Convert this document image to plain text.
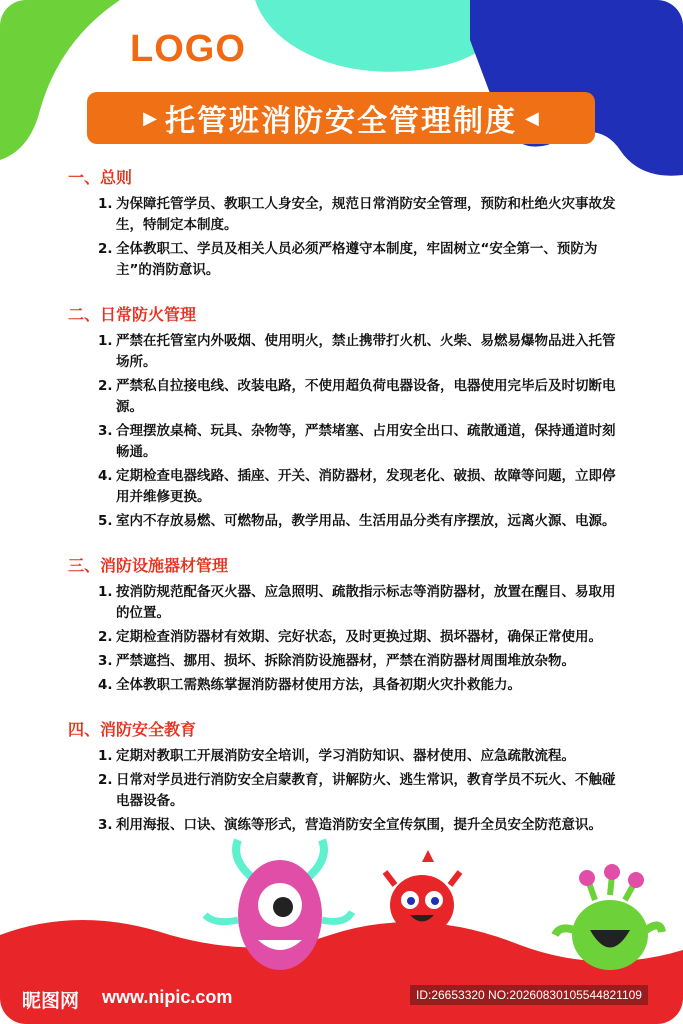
LOGO
▶ 托管班消防安全管理制度 ◀
一、总则
1. 为保障托管学员、教职工人身安全，规范日常消防安全管理，预防和杜绝火灾事故发生，特制定本制度。
2. 全体教职工、学员及相关人员必须严格遵守本制度，牢固树立“安全第一、预防为主”的消防意识。
二、日常防火管理
1. 严禁在托管室内外吸烟、使用明火，禁止携带打火机、火柴、易燃易爆物品进入托管场所。
2. 严禁私自拉接电线、改装电路，不使用超负荷电器设备，电器使用完毕后及时切断电源。
3. 合理摆放桌椅、玩具、杂物等，严禁堵塞、占用安全出口、疏散通道，保持通道时刻畅通。
4. 定期检查电器线路、插座、开关、消防器材，发现老化、破损、故障等问题，立即停用并维修更换。
5. 室内不存放易燃、可燃物品，教学用品、生活用品分类有序摆放，远离火源、电源。
三、消防设施器材管理
1. 按消防规范配备灭火器、应急照明、疏散指示标志等消防器材，放置在醒目、易取用的位置。
2. 定期检查消防器材有效期、完好状态，及时更换过期、损坏器材，确保正常使用。
3. 严禁遮挡、挪用、损坏、拆除消防设施器材，严禁在消防器材周围堆放杂物。
4. 全体教职工需熟练掌握消防器材使用方法，具备初期火灾扑救能力。
四、消防安全教育
1. 定期对教职工开展消防安全培训，学习消防知识、器材使用、应急疏散流程。
2. 日常对学员进行消防安全启蒙教育，讲解防火、逃生常识，教育学员不玩火、不触碰电器设备。
3. 利用海报、口诀、演练等形式，营造消防安全宣传氛围，提升全员安全防范意识。
昵图网 www.nipic.com	ID:26653320 NO:20260830105544821109
